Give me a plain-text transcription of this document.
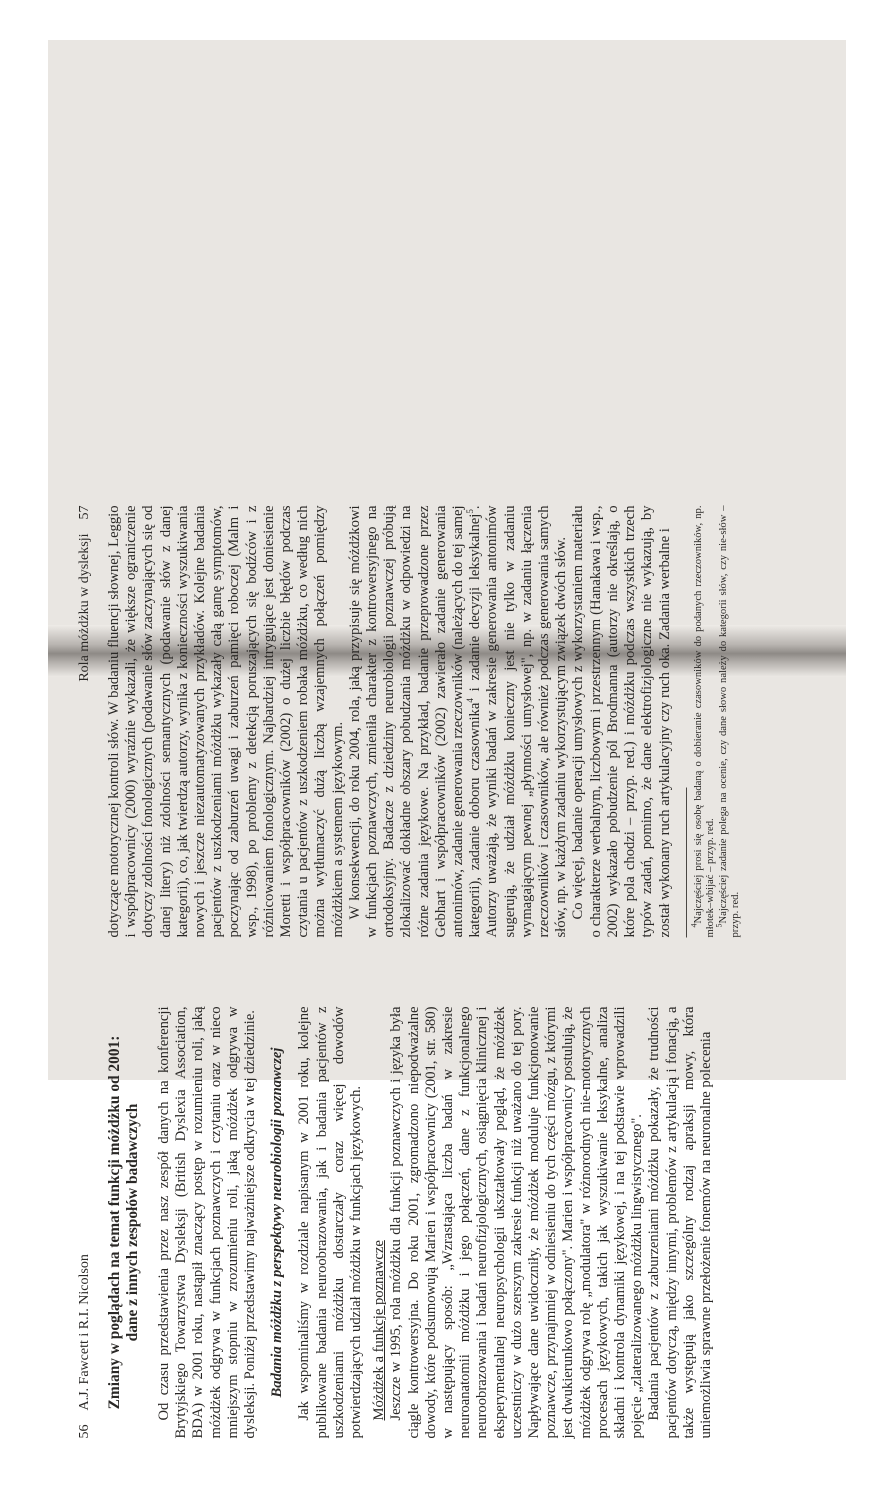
56
A.J. Fawcett i R.I. Nicolson Zmiany w poglądach na temat funkcji móżdżku od 2001:
dane z innych zespołów badawczych Od czasu przedstawienia przez nasz zespół danych na konferencji Brytyjskiego Towarzystwa Dysleksji (British Dyslexia Association, BDA) w 2001 roku, nastąpił znaczący postęp w rozumieniu roli, jaką móżdżek odgrywa w funkcjach poznawczych i czytaniu oraz w nieco mniejszym stopniu w zrozumieniu roli, jaką móżdżek odgrywa w dysleksji. Poniżej przedstawimy najważniejsze odkrycia w tej dziedzinie. Badania móżdżku z perspektywy neurobiologii poznawczej Jak wspominaliśmy w rozdziale napisanym w 2001 roku, kolejne publikowane badania neuroobrazowania, jak i badania pacjentów z uszkodzeniami móżdżku dostarczały coraz więcej dowodów potwierdzających udział móżdżku w funkcjach językowych. Móżdżek a funkcje poznawcze Jeszcze w 1995, rola móżdżku dla funkcji poznawczych i języka była ciągle kontrowersyjna. Do roku 2001, zgromadzono niepodważalne dowody, które podsumowują Marien i współpracownicy (2001, str. 580) w następujący sposób: „Wzrastająca liczba badań w zakresie neuroanatomii móżdżku i jego połączeń, dane z funkcjonalnego neuroobrazowania i badań neurofizjologicznych, osiągnięcia klinicznej i eksperymentalnej neuropsychologii ukształtowały pogląd, że móżdżek uczestniczy w dużo szerszym zakresie funkcji niż uważano do tej pory. Napływające dane uwidoczniły, że móżdżek moduluje funkcjonowanie poznawcze, przynajmniej w odniesieniu do tych części mózgu, z którymi jest dwukierunkowo połączony". Marien i współpracownicy postulują, że móżdżek odgrywa rolę „modulatora" w różnorodnych nie-motorycznych procesach językowych, takich jak wyszukiwanie leksykalne, analiza składni i kontrola dynamiki językowej, i na tej podstawie wprowadzili pojęcie „zlateralizowanego móżdżku lingwistycznego". Badania pacjentów z zaburzeniami móżdżku pokazały, że trudności pacjentów dotyczą, między innymi, problemów z artykulacją i fonacją, a także występują jako szczególny rodzaj apraksji mowy, która uniemożliwia sprawne przełożenie fonemów na neuronalne polecenia

Rola móżdżku w dysleksji
57 dotyczące motorycznej kontroli słów. W badaniu fluencji słownej, Leggio i współpracownicy (2000) wyraźnie wykazali, że większe ograniczenie dotyczy zdolności fonologicznych (podawanie słów zaczynających się od danej litery) niż zdolności semantycznych (podawanie słów z danej kategorii), co, jak twierdzą autorzy, wynika z konieczności wyszukiwania nowych i jeszcze niezautomatyzowanych przykładów. Kolejne badania pacjentów z uszkodzeniami móżdżku wykazały całą gamę symptomów, poczynając od zaburzeń uwagi i zaburzeń pamięci roboczej (Malm i wsp., 1998), po problemy z detekcją poruszających się bodźców i z różnicowaniem fonologicznym. Najbardziej intrygujące jest doniesienie Moretti i współpracowników (2002) o dużej liczbie błędów podczas czytania u pacjentów z uszkodzeniem robaka móżdżku, co według nich można wytłumaczyć dużą liczbą wzajemnych połączeń pomiędzy móżdżkiem a systemem językowym. W konsekwencji, do roku 2004, rola, jaką przypisuje się móżdżkowi w funkcjach poznawczych, zmieniła charakter z kontrowersyjnego na ortodoksyjny. Badacze z dziedziny neurobiologii poznawczej próbują zlokalizować dokładne obszary pobudzania móżdżku w odpowiedzi na różne zadania językowe. Na przykład, badanie przeprowadzone przez Gebhart i współpracowników (2002) zawierało zadanie generowania antonimów, zadanie generowania rzeczowników (należących do tej samej kategorii), zadanie doboru czasownika$^4$ i zadanie decyzji leksykalnej$^5$. Autorzy uważają, że wyniki badań w zakresie generowania antonimów sugerują, że udział móżdżku konieczny jest nie tylko w zadaniu wymagającym pewnej „płynności umysłowej", np. w zadaniu łączenia rzeczowników i czasowników, ale również podczas generowania samych słów, np. w każdym zadaniu wykorzystującym związek dwóch słów. Co więcej, badanie operacji umysłowych z wykorzystaniem materiału o charakterze werbalnym, liczbowym i przestrzennym (Hanakawa i wsp., 2002) wykazało pobudzenie pól Brodmanna (autorzy nie określają, o które pola chodzi – przyp. red.) i móżdżku podczas wszystkich trzech typów zadań, pomimo, że dane elektrofizjologiczne nie wykazują, by został wykonany ruch artykulacyjny czy ruch oka. Zadania werbalne i $^4$Najczęściej prosi się osobę badaną o dobieranie czasowników do podanych rzeczowników, np. młotek–wbijać – przyp. red.

$^5$Najczęściej zadanie polega na ocenie, czy dane słowo należy do kategorii słów, czy nie-słów – przyp. red.
